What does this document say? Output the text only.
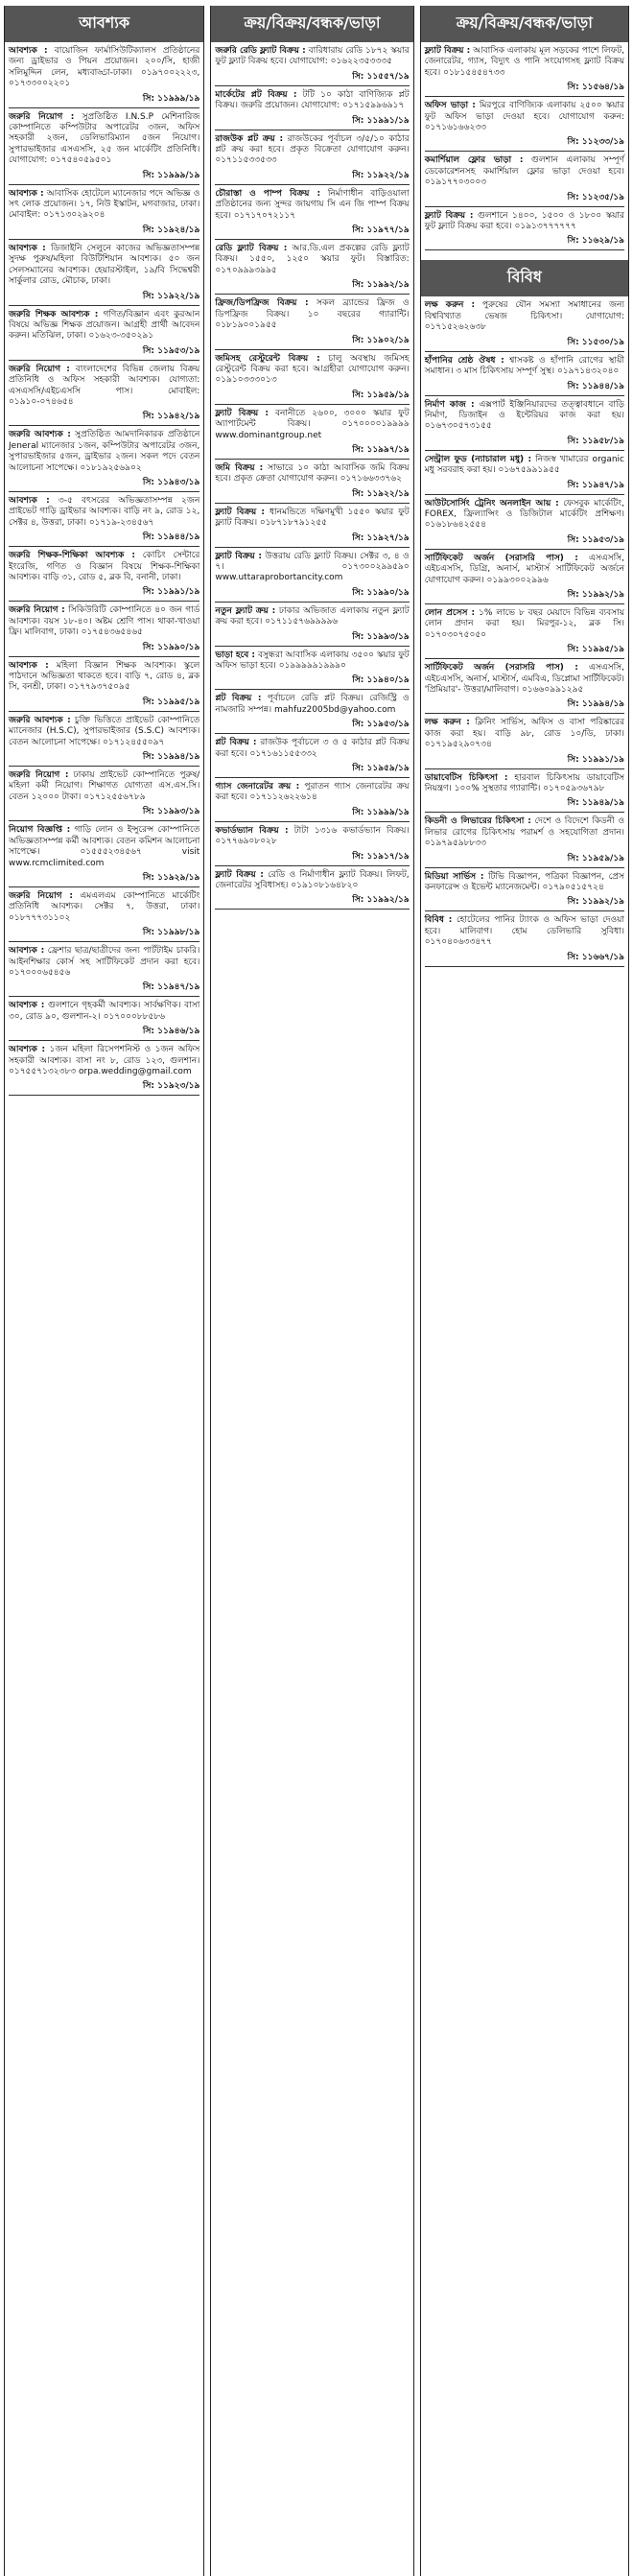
আবশ্যক
আবশ্যক : বায়োজিন ফার্মাসিউটিক্যালস প্রতিষ্ঠানের জন্য ড্রাইভার ও পিয়ন প্রয়োজন। ২০০/সি, হাজী সলিমুদ্দিন লেন, মধ্যবাড্ডা-ঢাকা। ০১৯৭০০২২২৩, ০১৭৩৩০০২২০১
সি: ১১৯৯৯/১৯
জরুরি নিয়োগ : সুপ্রতিষ্ঠিত I.N.S.P মেশিনারিজ কোম্পানিতে কম্পিউটার অপারেটর ৩জন, অফিস সহকারী ২জন, ডেলিভারিম্যান ৫জন নিয়োগ। সুপারভাইজার এসএসসি, ২৫ জন মার্কেটিং প্রতিনিধি। যোগাযোগ: ০১৭৫৪০৫৯৫০১
সি: ১১৯৯৯/১৯
আবশ্যক : আবাসিক হোটেলে ম্যানেজার পদে অভিজ্ঞ ও সৎ লোক প্রয়োজন। ১৭, নিউ ইস্কাটন, মগবাজার, ঢাকা। মোবাইল: ০১৭১৩০২৯২০৪
সি: ১১৯২৪/১৯
আবশ্যক : ডিজাইনি সেলুনে কাজের অভিজ্ঞতাসম্পন্ন সুদক্ষ পুরুষ/মহিলা বিউটিশিয়ান আবশ্যক। ৫০ জন সেলসম্যানের আবশ্যক। হেয়ারস্টাইল, ১৯/বি সিদ্ধেশ্বরী সার্কুলার রোড, মৌচাক, ঢাকা।
সি: ১১৯২২/১৯
জরুরি শিক্ষক আবশ্যক : গণিত/বিজ্ঞান এবং কুরআন বিষয়ে অভিজ্ঞ শিক্ষক প্রয়োজন। আগ্রহী প্রার্থী আবেদন করুন। মতিঝিল, ঢাকা। ০১৬২৩-৩৫০২৯১
সি: ১১৯৫৩/১৯
জরুরি নিয়োগ : বাংলাদেশের বিভিন্ন জেলায় বিক্রয় প্রতিনিধি ও অফিস সহকারী আবশ্যক। যোগ্যতা: এসএসসি/এইচএসসি পাস। মোবাইল: ০১৯১০-০৭৪৬৫৪
সি: ১১৯৪২/১৯
জরুরি আবশ্যক : সুপ্রতিষ্ঠিত আমদানিকারক প্রতিষ্ঠানে Jeneral ম্যানেজার ১জন, কম্পিউটার অপারেটর ৩জন, সুপারভাইজার ৫জন, ড্রাইভার ২জন। সকল পদে বেতন আলোচনা সাপেক্ষে। ০১৮১৯২৫৬৯০২
সি: ১১৯৪৩/১৯
আবশ্যক : ৩-৫ বৎসরের অভিজ্ঞতাসম্পন্ন ২জন প্রাইভেট গাড়ি ড্রাইভার আবশ্যক। বাড়ি নং ৯, রোড ১২, সেক্টর ৪, উত্তরা, ঢাকা। ০১৭১৯-২৩৪৫৬৭
সি: ১১৯৪৪/১৯
জরুরি শিক্ষক-শিক্ষিকা আবশ্যক : কোচিং সেন্টারে ইংরেজি, গণিত ও বিজ্ঞান বিষয়ে শিক্ষক-শিক্ষিকা আবশ্যক। বাড়ি ৩১, রোড ৫, ব্লক বি, বনানী, ঢাকা।
সি: ১১৯৯১/১৯
জরুরি নিয়োগ : সিকিউরিটি কোম্পানিতে ৪০ জন গার্ড আবশ্যক। বয়স ১৮-৪০। অষ্টম শ্রেণি পাস। থাকা-খাওয়া ফ্রি। মালিবাগ, ঢাকা। ০১৭৫৪৩৬৫৪৬৫
সি: ১১৯৯০/১৯
আবশ্যক : মহিলা বিজ্ঞান শিক্ষক আবশ্যক। স্কুলে পাঠদানে অভিজ্ঞতা থাকতে হবে। বাড়ি ৭, রোড ৪, ব্লক সি, বনশ্রী, ঢাকা। ০১৭৭৯৩৭৫০৯৫
সি: ১১৯৯৫/১৯
জরুরি আবশ্যক : চুক্তি ভিত্তিতে প্রাইভেট কোম্পানিতে ম্যানেজার (H.S.C), সুপারভাইজার (S.S.C) আবশ্যক। বেতন আলোচনা সাপেক্ষে। ০১৭১২৪৫৫০৯৭
সি: ১১৯৯৪/১৯
জরুরি নিয়োগ : ঢাকায় প্রাইভেট কোম্পানিতে পুরুষ/মহিলা কর্মী নিয়োগ। শিক্ষাগত যোগ্যতা এস.এস.সি। বেতন ১২০০০ টাকা। ০১৭১২৫৫৬৭৮৯
সি: ১১৯৯৩/১৯
নিয়োগ বিজ্ঞপ্তি : গাড়ি লোন ও ইন্সুরেন্স কোম্পানিতে অভিজ্ঞতাসম্পন্ন কর্মী আবশ্যক। বেতন কমিশন আলোচনা সাপেক্ষে। ০১৫৫৫২৩৪৫৬৭ visit www.rcmclimited.com
সি: ১১৯২৯/১৯
জরুরি নিয়োগ : এমএলএম কোম্পানিতে মার্কেটিং প্রতিনিধি আবশ্যক। সেক্টর ৭, উত্তরা, ঢাকা। ০১৮৭৭৭৩১১০২
সি: ১১৯৯৮/১৯
আবশ্যক : ফ্রেশার ছাত্র/ছাত্রীদের জন্য পার্টটাইম চাকরি। আইনশিক্ষার কোর্স সহ সার্টিফিকেট প্রদান করা হবে। ০১৭০০০৬৫৪৫৬
সি: ১১৯৪৭/১৯
আবশ্যক : গুলশানে গৃহকর্মী আবশ্যক। সার্বক্ষণিক। বাসা ৩০, রোড ৯০, গুলশান-২। ০১৭০০০৮৮৫৮৬
সি: ১১৯৪৬/১৯
আবশ্যক : ১জন মহিলা রিসেপশনিস্ট ও ১জন অফিস সহকারী আবশ্যক। বাসা নং ৮, রোড ১২৩, গুলশান। ০১৭৫৫৭১৩২৩৮৩ orpa.wedding@gmail.com
সি: ১১৯২৩/১৯
ক্রয়/বিক্রয়/বন্ধক/ভাড়া
জরুরি রেডি ফ্ল্যাট বিক্রয় : বারিধারায় রেডি ১৮৭২ স্কয়ার ফুট ফ্ল্যাট বিক্রয় হবে। যোগাযোগ: ০১৬২২৩৫৩৩৩৫
সি: ১১৫৫৭/১৯
মার্কেটের প্লট বিক্রয় : টটি ১০ কাঠা বাণিজ্যিক প্লট বিক্রয়। জরুরি প্রয়োজন। যোগাযোগ: ০১৭১৫৯৯৬৯১৭
সি: ১১৯৯১/১৯
রাজউক প্লট ক্রয় : রাজউকের পূর্বাচল ৩/৫/১০ কাঠার প্লট ক্রয় করা হবে। প্রকৃত বিক্রেতা যোগাযোগ করুন। ০১৭১১৫৩৩৫৩৩
সি: ১১৯২২/১৯
চৌরাস্তা ও পাম্প বিক্রয় : নির্মাণাধীন বাড়িওয়ালা প্রতিষ্ঠানের জন্য সুন্দর জায়গায় সি এন জি পাম্প বিক্রয় হবে। ০১৭১৭০৭২১১৭
সি: ১১৯৭৭/১৯
রেডি ফ্ল্যাট বিক্রয় : আর.ডি.এল প্রকল্পের রেডি ফ্ল্যাট বিক্রয়। ১৫৫০, ১২৫০ স্কয়ার ফুট। বিস্তারিত: ০১৭০৯৯৯৩৯৯৫
সি: ১১৯৯২/১৯
ফ্রিজ/ডিপফ্রিজ বিক্রয় : সকল ব্র্যান্ডের ফ্রিজ ও ডিপফ্রিজ বিক্রয়। ১০ বছরের গ্যারান্টি। ০১৮১৯০০১৯৫৫
সি: ১১৯০২/১৯
জমিসহ রেস্টুরেন্ট বিক্রয় : চালু অবস্থায় জমিসহ রেস্টুরেন্ট বিক্রয় করা হবে। আগ্রহীরা যোগাযোগ করুন। ০১৯১০৩৩৩০১৩
সি: ১১৯৫৯/১৯
ফ্ল্যাট বিক্রয় : বনানীতে ২৬০০, ৩০০০ স্কয়ার ফুট অ্যাপার্টমেন্ট বিক্রয়। ০১৭০০০০১৯৯৯৯ www.dominantgroup.net
সি: ১১৯৯৭/১৯
জমি বিক্রয় : সাভারে ১০ কাঠা আবাসিক জমি বিক্রয় হবে। প্রকৃত ক্রেতা যোগাযোগ করুন। ০১৭১৬৬৩৩৭৬২
সি: ১১৯২২/১৯
ফ্ল্যাট বিক্রয় : ধানমন্ডিতে দক্ষিণমুখী ১৫৫০ স্কয়ার ফুট ফ্ল্যাট বিক্রয়। ০১৮৭১৮৭৯১২৫৫
সি: ১১৯২৭/১৯
ফ্ল্যাট বিক্রয় : উত্তরায় রেডি ফ্ল্যাট বিক্রয়। সেক্টর ৩, ৪ ও ৭। ০১৭৩০০২৯৯৫৯০ www.uttaraprobortancity.com
সি: ১১৯৯০/১৯
নতুন ফ্ল্যাট ক্রয় : ঢাকার অভিজাত এলাকায় নতুন ফ্ল্যাট ক্রয় করা হবে। ০১৭১১৫৭৬৯৯৯৯৬
সি: ১১৯৯৩/১৯
ভাড়া হবে : বসুন্ধরা আবাসিক এলাকায় ৩৫০০ স্কয়ার ফুট অফিস ভাড়া হবে। ০১৯৯৯৯৯১৯৯৯০
সি: ১১৯৪০/১৯
প্লট বিক্রয় : পূর্বাচলে রেডি প্লট বিক্রয়। রেজিস্ট্রি ও নামজারি সম্পন্ন। mahfuz2005bd@yahoo.com
সি: ১১৯৫৩/১৯
প্লট বিক্রয় : রাজউক পূর্বাচলে ৩ ও ৫ কাঠার প্লট বিক্রয় করা হবে। ০১৭১৬১১৫৫৩৩২
সি: ১১৯৫৯/১৯
গ্যাস জেনারেটর ক্রয় : পুরাতন গ্যাস জেনারেটর ক্রয় করা হবে। ০১৭১১২৬২২৬১৪
সি: ১১৯৯৯/১৯
কভার্ডভ্যান বিক্রয় : টাটা ১৩১৬ কভার্ডভ্যান বিক্রয়। ০১৭৭৬৯০৮০২৮
সি: ১১৯১৭/১৯
ফ্ল্যাট বিক্রয় : রেডি ও নির্মাণাধীন ফ্ল্যাট বিক্রয়। লিফট, জেনারেটর সুবিধাসহ। ০১৯১০৮১৬৪৮২০
সি: ১১৯৯২/১৯
ক্রয়/বিক্রয়/বন্ধক/ভাড়া
ফ্ল্যাট বিক্রয় : আবাসিক এলাকায় মূল সড়কের পাশে লিফট, জেনারেটর, গ্যাস, বিদ্যুৎ ও পানি সংযোগসহ ফ্ল্যাট বিক্রয় হবে। ০১৮১৫৪৫৪৭৩৩
সি: ১১৫৬৪/১৯
অফিস ভাড়া : মিরপুরে বাণিজ্যিক এলাকায় ২৫০০ স্কয়ার ফুট অফিস ভাড়া দেওয়া হবে। যোগাযোগ করুন: ০১৭১৬১৬৬২৩৩
সি: ১১২৩৩/১৯
কমার্শিয়াল ফ্লোর ভাড়া : গুলশান এলাকায় সম্পূর্ণ ডেকোরেশনসহ কমার্শিয়াল ফ্লোর ভাড়া দেওয়া হবে। ০১৯১৭৭০৩০০৩
সি: ১১২৩৫/১৯
ফ্ল্যাট বিক্রয় : গুলশানে ১৪০০, ১৫০০ ও ১৮০০ স্কয়ার ফুট ফ্ল্যাট বিক্রয় করা হবে। ০১৯১৩৭৭৭৭৭৭
সি: ১১৬২৯/১৯
বিবিধ
লক্ষ করুন : পুরুষের যৌন সমস্যা সমাধানের জন্য বিশ্ববিখ্যাত ভেষজ চিকিৎসা। যোগাযোগ: ০১৭১৫২৬২৬৩৮
সি: ১১৫৩০/১৯
হাঁপানির শ্রেষ্ঠ ঔষধ : শ্বাসকষ্ট ও হাঁপানি রোগের স্থায়ী সমাধান। ৩ মাস চিকিৎসায় সম্পূর্ণ সুস্থ। ০১৯৭১৪৩২০৪০
সি: ১১৯৪৪/১৯
নির্মাণ কাজ : এক্সপার্ট ইঞ্জিনিয়ারদের তত্ত্বাবধানে বাড়ি নির্মাণ, ডিজাইন ও ইন্টেরিয়র কাজ করা হয়। ০১৬৭৩০৫৭৩১৫৫
সি: ১১৯৫৮/১৯
সেন্ট্রাল ফুড (ন্যাচারাল মধু) : নিজস্ব খামারের organic মধু সরবরাহ করা হয়। ০১৬৭৫৯৯১৯৫৫
সি: ১১৯৪৭/১৯
আউটসোর্সিং ট্রেনিং অনলাইন আয় : ফেসবুক মার্কেটিং, FOREX, ফ্রিল্যান্সিং ও ডিজিটাল মার্কেটিং প্রশিক্ষণ। ০১৬১৮৬৪২৫৫৪
সি: ১১৯৫৩/১৯
সার্টিফিকেট অর্জন (সরাসরি পাস) : এসএসসি, এইচএসসি, ডিগ্রি, অনার্স, মাস্টার্স সার্টিফিকেট অর্জনে যোগাযোগ করুন। ০১৯৯৩০০২৯৯৬
সি: ১১৯৯২/১৯
লোন প্রসেস : ১% লাভে ৮ বছর মেয়াদে বিভিন্ন ব্যবসায় লোন প্রদান করা হয়। মিরপুর-১২, ব্লক সি। ০১৭০৩০৭৫০৫০
সি: ১১৯৯৫/১৯
সার্টিফিকেট অর্জন (সরাসরি পাস) : এসএসসি, এইচএসসি, অনার্স, মাস্টার্স, এমবিএ, ডিপ্লোমা সার্টিফিকেট। 'প্রিমিয়ার'- উত্তরা/মালিবাগ। ০১৬৬০৯৯১২৯৫
সি: ১১৯৯৪/১৯
লক্ষ করুন : ক্লিনিং সার্ভিস, অফিস ও বাসা পরিষ্কারের কাজ করা হয়। বাড়ি ৯৮, রোড ১০/ডি, ঢাকা। ০১৭১৯৫২৯০৭৩৪
সি: ১১৯৯১/১৯
ডায়াবেটিস চিকিৎসা : হারবাল চিকিৎসায় ডায়াবেটিস নিয়ন্ত্রণ। ১০০% সুস্থতার গ্যারান্টি। ০১৭০৫৯৩৬৭৯৮
সি: ১১৯৪৯/১৯
কিডনী ও লিভারের চিকিৎসা : দেশে ও বিদেশে কিডনী ও লিভার রোগের চিকিৎসায় পরামর্শ ও সহযোগিতা প্রদান। ০১৯৭৯৫৯৮৮৩৩
সি: ১১৯৫৯/১৯
মিডিয়া সার্ভিস : টিভি বিজ্ঞাপন, পত্রিকা বিজ্ঞাপন, প্রেস কনফারেন্স ও ইভেন্ট ম্যানেজমেন্ট। ০১৭৯০৫১৫৭২৪
সি: ১১৯৯২/১৯
বিবিধ : হোটেলের পানির ট্যাংক ও অফিস ভাড়া দেওয়া হবে। মালিবাগ। হোম ডেলিভারি সুবিধা। ০১৭০৪০৬৩৩৪৭৭
সি: ১১৬৬৭/১৯
